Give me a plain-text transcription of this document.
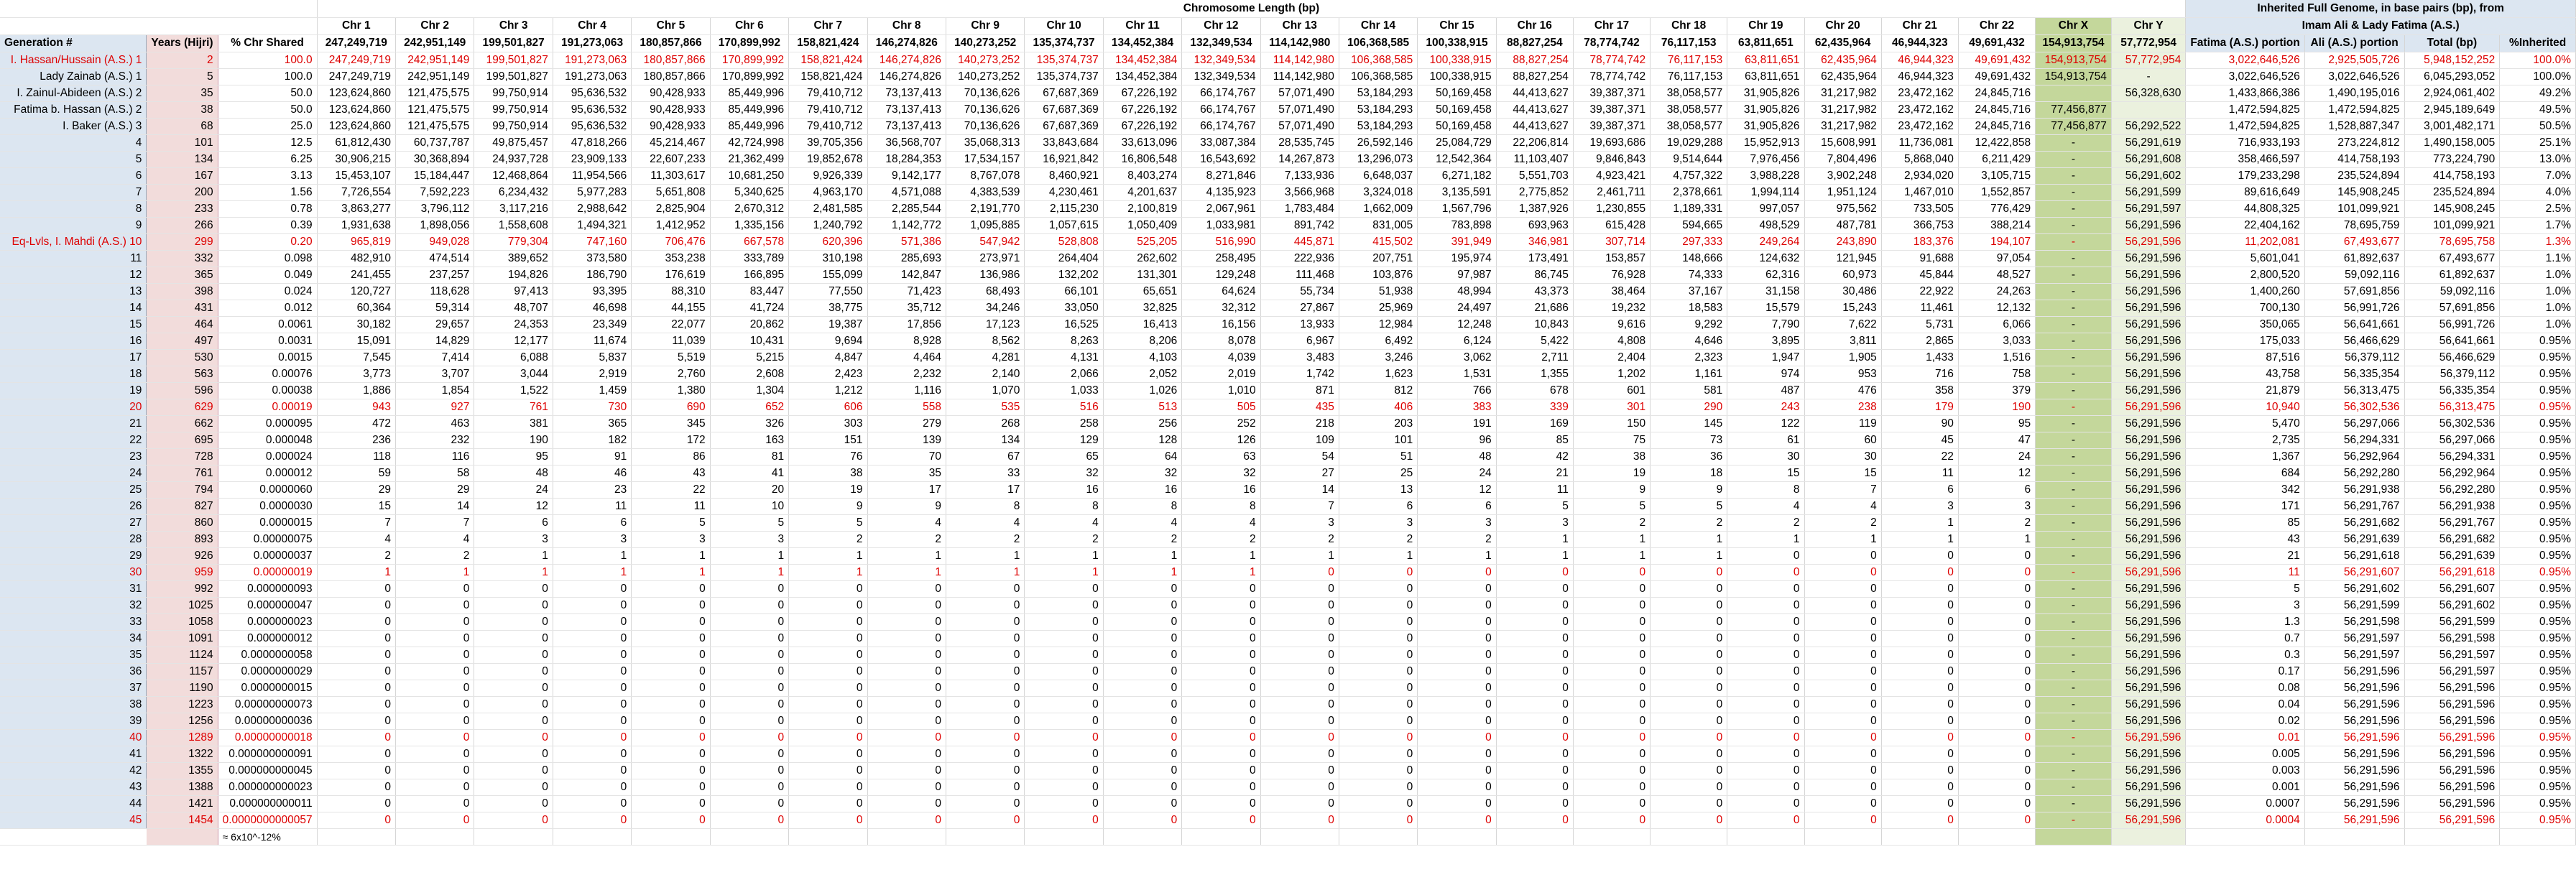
			Chromosome Length (bp)																								Inherited Full Genome, in base pairs (bp), from			
			Chr 1	Chr 2	Chr 3	Chr 4	Chr 5	Chr 6	Chr 7	Chr 8	Chr 9	Chr 10	Chr 11	Chr 12	Chr 13	Chr 14	Chr 15	Chr 16	Chr 17	Chr 18	Chr 19	Chr 20	Chr 21	Chr 22	Chr X	Chr Y	Imam Ali & Lady Fatima (A.S.)			
Generation #	Years (Hijri)	% Chr Shared	247,249,719	242,951,149	199,501,827	191,273,063	180,857,866	170,899,992	158,821,424	146,274,826	140,273,252	135,374,737	134,452,384	132,349,534	114,142,980	106,368,585	100,338,915	88,827,254	78,774,742	76,117,153	63,811,651	62,435,964	46,944,323	49,691,432	154,913,754	57,772,954	Fatima (A.S.) portion	Ali (A.S.) portion	Total (bp)	%Inherited
I. Hassan/Hussain (A.S.) 1	2	100.0	247,249,719	242,951,149	199,501,827	191,273,063	180,857,866	170,899,992	158,821,424	146,274,826	140,273,252	135,374,737	134,452,384	132,349,534	114,142,980	106,368,585	100,338,915	88,827,254	78,774,742	76,117,153	63,811,651	62,435,964	46,944,323	49,691,432	154,913,754	57,772,954	3,022,646,526	2,925,505,726	5,948,152,252	100.0%
Lady Zainab (A.S.) 1	5	100.0	247,249,719	242,951,149	199,501,827	191,273,063	180,857,866	170,899,992	158,821,424	146,274,826	140,273,252	135,374,737	134,452,384	132,349,534	114,142,980	106,368,585	100,338,915	88,827,254	78,774,742	76,117,153	63,811,651	62,435,964	46,944,323	49,691,432	154,913,754	-	3,022,646,526	3,022,646,526	6,045,293,052	100.0%
I. Zainul-Abideen (A.S.) 2	35	50.0	123,624,860	121,475,575	99,750,914	95,636,532	90,428,933	85,449,996	79,410,712	73,137,413	70,136,626	67,687,369	67,226,192	66,174,767	57,071,490	53,184,293	50,169,458	44,413,627	39,387,371	38,058,577	31,905,826	31,217,982	23,472,162	24,845,716		56,328,630	1,433,866,386	1,490,195,016	2,924,061,402	49.2%
Fatima b. Hassan (A.S.) 2	38	50.0	123,624,860	121,475,575	99,750,914	95,636,532	90,428,933	85,449,996	79,410,712	73,137,413	70,136,626	67,687,369	67,226,192	66,174,767	57,071,490	53,184,293	50,169,458	44,413,627	39,387,371	38,058,577	31,905,826	31,217,982	23,472,162	24,845,716	77,456,877		1,472,594,825	1,472,594,825	2,945,189,649	49.5%
I. Baker (A.S.) 3	68	25.0	123,624,860	121,475,575	99,750,914	95,636,532	90,428,933	85,449,996	79,410,712	73,137,413	70,136,626	67,687,369	67,226,192	66,174,767	57,071,490	53,184,293	50,169,458	44,413,627	39,387,371	38,058,577	31,905,826	31,217,982	23,472,162	24,845,716	77,456,877	56,292,522	1,472,594,825	1,528,887,347	3,001,482,171	50.5%
4	101	12.5	61,812,430	60,737,787	49,875,457	47,818,266	45,214,467	42,724,998	39,705,356	36,568,707	35,068,313	33,843,684	33,613,096	33,087,384	28,535,745	26,592,146	25,084,729	22,206,814	19,693,686	19,029,288	15,952,913	15,608,991	11,736,081	12,422,858	-	56,291,619	716,933,193	273,224,812	1,490,158,005	25.1%
5	134	6.25	30,906,215	30,368,894	24,937,728	23,909,133	22,607,233	21,362,499	19,852,678	18,284,353	17,534,157	16,921,842	16,806,548	16,543,692	14,267,873	13,296,073	12,542,364	11,103,407	9,846,843	9,514,644	7,976,456	7,804,496	5,868,040	6,211,429	-	56,291,608	358,466,597	414,758,193	773,224,790	13.0%
6	167	3.13	15,453,107	15,184,447	12,468,864	11,954,566	11,303,617	10,681,250	9,926,339	9,142,177	8,767,078	8,460,921	8,403,274	8,271,846	7,133,936	6,648,037	6,271,182	5,551,703	4,923,421	4,757,322	3,988,228	3,902,248	2,934,020	3,105,715	-	56,291,602	179,233,298	235,524,894	414,758,193	7.0%
7	200	1.56	7,726,554	7,592,223	6,234,432	5,977,283	5,651,808	5,340,625	4,963,170	4,571,088	4,383,539	4,230,461	4,201,637	4,135,923	3,566,968	3,324,018	3,135,591	2,775,852	2,461,711	2,378,661	1,994,114	1,951,124	1,467,010	1,552,857	-	56,291,599	89,616,649	145,908,245	235,524,894	4.0%
8	233	0.78	3,863,277	3,796,112	3,117,216	2,988,642	2,825,904	2,670,312	2,481,585	2,285,544	2,191,770	2,115,230	2,100,819	2,067,961	1,783,484	1,662,009	1,567,796	1,387,926	1,230,855	1,189,331	997,057	975,562	733,505	776,429	-	56,291,597	44,808,325	101,099,921	145,908,245	2.5%
9	266	0.39	1,931,638	1,898,056	1,558,608	1,494,321	1,412,952	1,335,156	1,240,792	1,142,772	1,095,885	1,057,615	1,050,409	1,033,981	891,742	831,005	783,898	693,963	615,428	594,665	498,529	487,781	366,753	388,214	-	56,291,596	22,404,162	78,695,759	101,099,921	1.7%
Eq-Lvls, I. Mahdi (A.S.) 10	299	0.20	965,819	949,028	779,304	747,160	706,476	667,578	620,396	571,386	547,942	528,808	525,205	516,990	445,871	415,502	391,949	346,981	307,714	297,333	249,264	243,890	183,376	194,107	-	56,291,596	11,202,081	67,493,677	78,695,758	1.3%
11	332	0.098	482,910	474,514	389,652	373,580	353,238	333,789	310,198	285,693	273,971	264,404	262,602	258,495	222,936	207,751	195,974	173,491	153,857	148,666	124,632	121,945	91,688	97,054	-	56,291,596	5,601,041	61,892,637	67,493,677	1.1%
12	365	0.049	241,455	237,257	194,826	186,790	176,619	166,895	155,099	142,847	136,986	132,202	131,301	129,248	111,468	103,876	97,987	86,745	76,928	74,333	62,316	60,973	45,844	48,527	-	56,291,596	2,800,520	59,092,116	61,892,637	1.0%
13	398	0.024	120,727	118,628	97,413	93,395	88,310	83,447	77,550	71,423	68,493	66,101	65,651	64,624	55,734	51,938	48,994	43,373	38,464	37,167	31,158	30,486	22,922	24,263	-	56,291,596	1,400,260	57,691,856	59,092,116	1.0%
14	431	0.012	60,364	59,314	48,707	46,698	44,155	41,724	38,775	35,712	34,246	33,050	32,825	32,312	27,867	25,969	24,497	21,686	19,232	18,583	15,579	15,243	11,461	12,132	-	56,291,596	700,130	56,991,726	57,691,856	1.0%
15	464	0.0061	30,182	29,657	24,353	23,349	22,077	20,862	19,387	17,856	17,123	16,525	16,413	16,156	13,933	12,984	12,248	10,843	9,616	9,292	7,790	7,622	5,731	6,066	-	56,291,596	350,065	56,641,661	56,991,726	1.0%
16	497	0.0031	15,091	14,829	12,177	11,674	11,039	10,431	9,694	8,928	8,562	8,263	8,206	8,078	6,967	6,492	6,124	5,422	4,808	4,646	3,895	3,811	2,865	3,033	-	56,291,596	175,033	56,466,629	56,641,661	0.95%
17	530	0.0015	7,545	7,414	6,088	5,837	5,519	5,215	4,847	4,464	4,281	4,131	4,103	4,039	3,483	3,246	3,062	2,711	2,404	2,323	1,947	1,905	1,433	1,516	-	56,291,596	87,516	56,379,112	56,466,629	0.95%
18	563	0.00076	3,773	3,707	3,044	2,919	2,760	2,608	2,423	2,232	2,140	2,066	2,052	2,019	1,742	1,623	1,531	1,355	1,202	1,161	974	953	716	758	-	56,291,596	43,758	56,335,354	56,379,112	0.95%
19	596	0.00038	1,886	1,854	1,522	1,459	1,380	1,304	1,212	1,116	1,070	1,033	1,026	1,010	871	812	766	678	601	581	487	476	358	379	-	56,291,596	21,879	56,313,475	56,335,354	0.95%
20	629	0.00019	943	927	761	730	690	652	606	558	535	516	513	505	435	406	383	339	301	290	243	238	179	190	-	56,291,596	10,940	56,302,536	56,313,475	0.95%
21	662	0.000095	472	463	381	365	345	326	303	279	268	258	256	252	218	203	191	169	150	145	122	119	90	95	-	56,291,596	5,470	56,297,066	56,302,536	0.95%
22	695	0.000048	236	232	190	182	172	163	151	139	134	129	128	126	109	101	96	85	75	73	61	60	45	47	-	56,291,596	2,735	56,294,331	56,297,066	0.95%
23	728	0.000024	118	116	95	91	86	81	76	70	67	65	64	63	54	51	48	42	38	36	30	30	22	24	-	56,291,596	1,367	56,292,964	56,294,331	0.95%
24	761	0.000012	59	58	48	46	43	41	38	35	33	32	32	32	27	25	24	21	19	18	15	15	11	12	-	56,291,596	684	56,292,280	56,292,964	0.95%
25	794	0.0000060	29	29	24	23	22	20	19	17	17	16	16	16	14	13	12	11	9	9	8	7	6	6	-	56,291,596	342	56,291,938	56,292,280	0.95%
26	827	0.0000030	15	14	12	11	11	10	9	9	8	8	8	8	7	6	6	5	5	5	4	4	3	3	-	56,291,596	171	56,291,767	56,291,938	0.95%
27	860	0.0000015	7	7	6	6	5	5	5	4	4	4	4	4	3	3	3	3	2	2	2	2	1	2	-	56,291,596	85	56,291,682	56,291,767	0.95%
28	893	0.00000075	4	4	3	3	3	3	2	2	2	2	2	2	2	2	2	1	1	1	1	1	1	1	-	56,291,596	43	56,291,639	56,291,682	0.95%
29	926	0.00000037	2	2	1	1	1	1	1	1	1	1	1	1	1	1	1	1	1	1	0	0	0	0	-	56,291,596	21	56,291,618	56,291,639	0.95%
30	959	0.00000019	1	1	1	1	1	1	1	1	1	1	1	1	0	0	0	0	0	0	0	0	0	0	-	56,291,596	11	56,291,607	56,291,618	0.95%
31	992	0.000000093	0	0	0	0	0	0	0	0	0	0	0	0	0	0	0	0	0	0	0	0	0	0	-	56,291,596	5	56,291,602	56,291,607	0.95%
32	1025	0.000000047	0	0	0	0	0	0	0	0	0	0	0	0	0	0	0	0	0	0	0	0	0	0	-	56,291,596	3	56,291,599	56,291,602	0.95%
33	1058	0.000000023	0	0	0	0	0	0	0	0	0	0	0	0	0	0	0	0	0	0	0	0	0	0	-	56,291,596	1.3	56,291,598	56,291,599	0.95%
34	1091	0.000000012	0	0	0	0	0	0	0	0	0	0	0	0	0	0	0	0	0	0	0	0	0	0	-	56,291,596	0.7	56,291,597	56,291,598	0.95%
35	1124	0.0000000058	0	0	0	0	0	0	0	0	0	0	0	0	0	0	0	0	0	0	0	0	0	0	-	56,291,596	0.3	56,291,597	56,291,597	0.95%
36	1157	0.0000000029	0	0	0	0	0	0	0	0	0	0	0	0	0	0	0	0	0	0	0	0	0	0	-	56,291,596	0.17	56,291,596	56,291,597	0.95%
37	1190	0.0000000015	0	0	0	0	0	0	0	0	0	0	0	0	0	0	0	0	0	0	0	0	0	0	-	56,291,596	0.08	56,291,596	56,291,596	0.95%
38	1223	0.00000000073	0	0	0	0	0	0	0	0	0	0	0	0	0	0	0	0	0	0	0	0	0	0	-	56,291,596	0.04	56,291,596	56,291,596	0.95%
39	1256	0.00000000036	0	0	0	0	0	0	0	0	0	0	0	0	0	0	0	0	0	0	0	0	0	0	-	56,291,596	0.02	56,291,596	56,291,596	0.95%
40	1289	0.00000000018	0	0	0	0	0	0	0	0	0	0	0	0	0	0	0	0	0	0	0	0	0	0	-	56,291,596	0.01	56,291,596	56,291,596	0.95%
41	1322	0.000000000091	0	0	0	0	0	0	0	0	0	0	0	0	0	0	0	0	0	0	0	0	0	0	-	56,291,596	0.005	56,291,596	56,291,596	0.95%
42	1355	0.000000000045	0	0	0	0	0	0	0	0	0	0	0	0	0	0	0	0	0	0	0	0	0	0	-	56,291,596	0.003	56,291,596	56,291,596	0.95%
43	1388	0.000000000023	0	0	0	0	0	0	0	0	0	0	0	0	0	0	0	0	0	0	0	0	0	0	-	56,291,596	0.001	56,291,596	56,291,596	0.95%
44	1421	0.000000000011	0	0	0	0	0	0	0	0	0	0	0	0	0	0	0	0	0	0	0	0	0	0	-	56,291,596	0.0007	56,291,596	56,291,596	0.95%
45	1454	0.0000000000057	0	0	0	0	0	0	0	0	0	0	0	0	0	0	0	0	0	0	0	0	0	0	-	56,291,596	0.0004	56,291,596	56,291,596	0.95%
		≈ 6x10^-12%																												
